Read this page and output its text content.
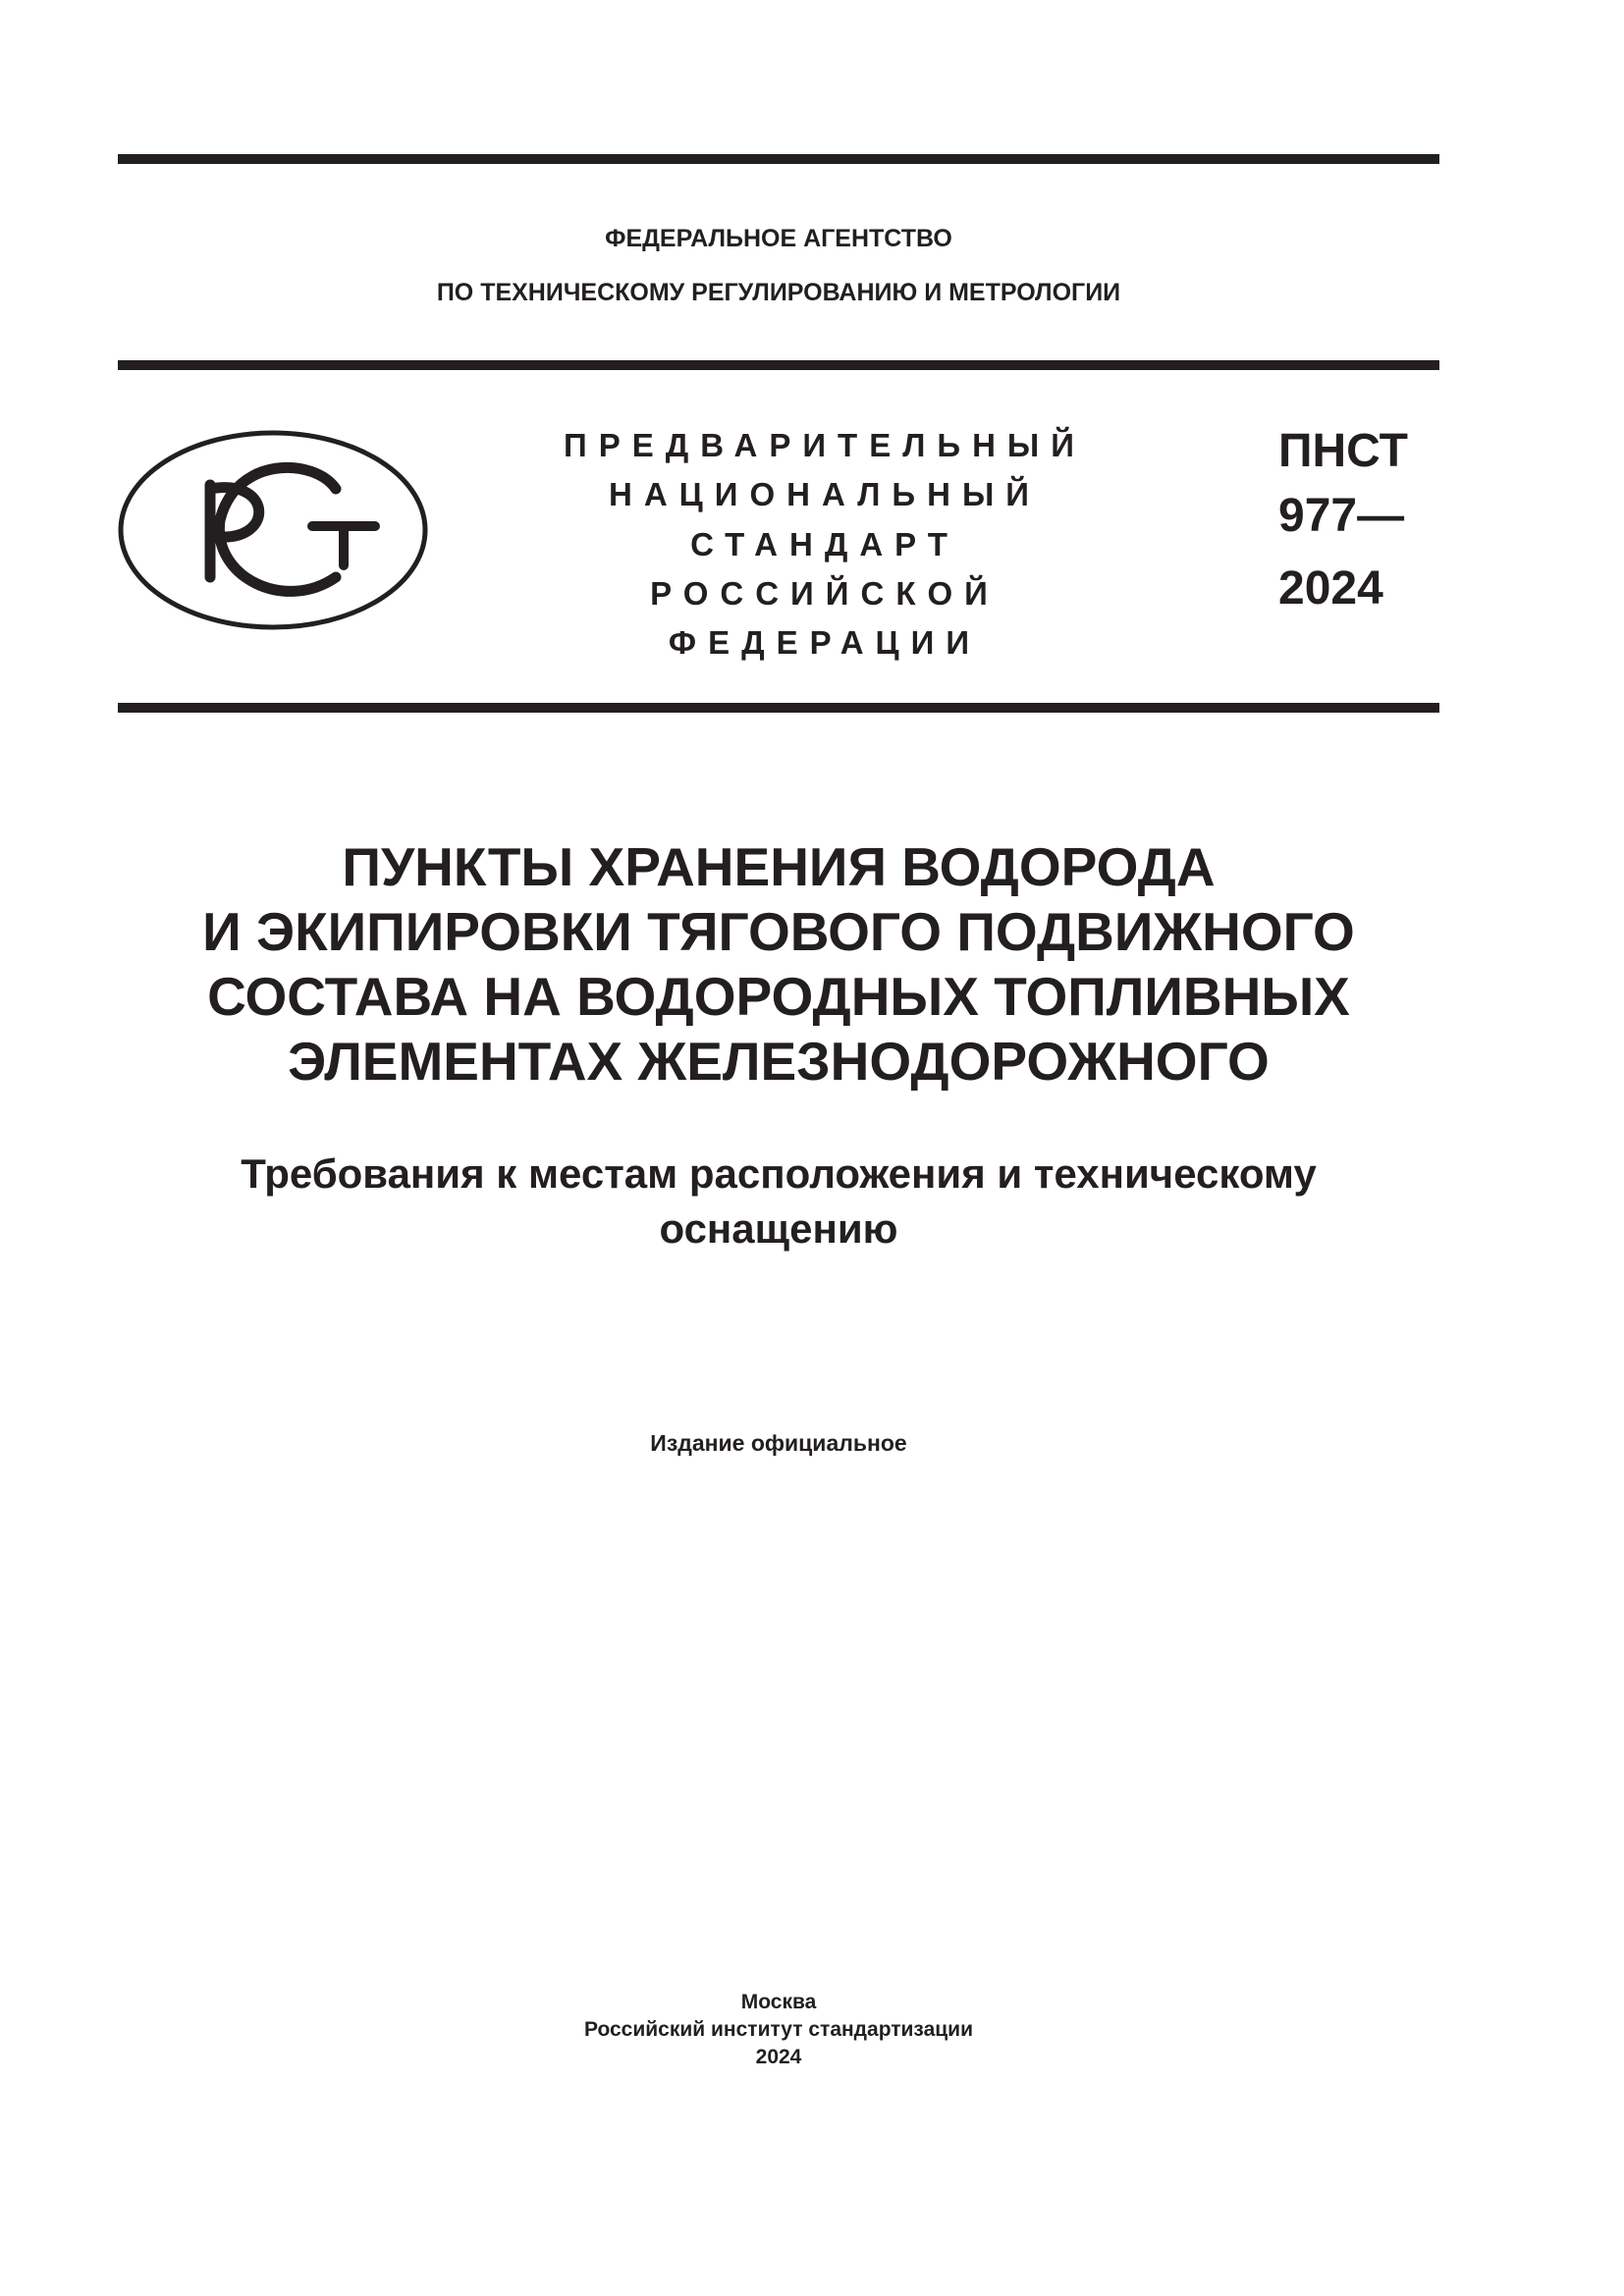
ФЕДЕРАЛЬНОЕ АГЕНТСТВО
ПО ТЕХНИЧЕСКОМУ РЕГУЛИРОВАНИЮ И МЕТРОЛОГИИ
ПРЕДВАРИТЕЛЬНЫЙ
НАЦИОНАЛЬНЫЙ
СТАНДАРТ
РОССИЙСКОЙ
ФЕДЕРАЦИИ
ПНСТ
977—
2024
ПУНКТЫ ХРАНЕНИЯ ВОДОРОДА
И ЭКИПИРОВКИ ТЯГОВОГО ПОДВИЖНОГО
СОСТАВА НА ВОДОРОДНЫХ ТОПЛИВНЫХ
ЭЛЕМЕНТАХ ЖЕЛЕЗНОДОРОЖНОГО
Требования к местам расположения и техническому
оснащению
Издание официальное
Москва
Российский институт стандартизации
2024
